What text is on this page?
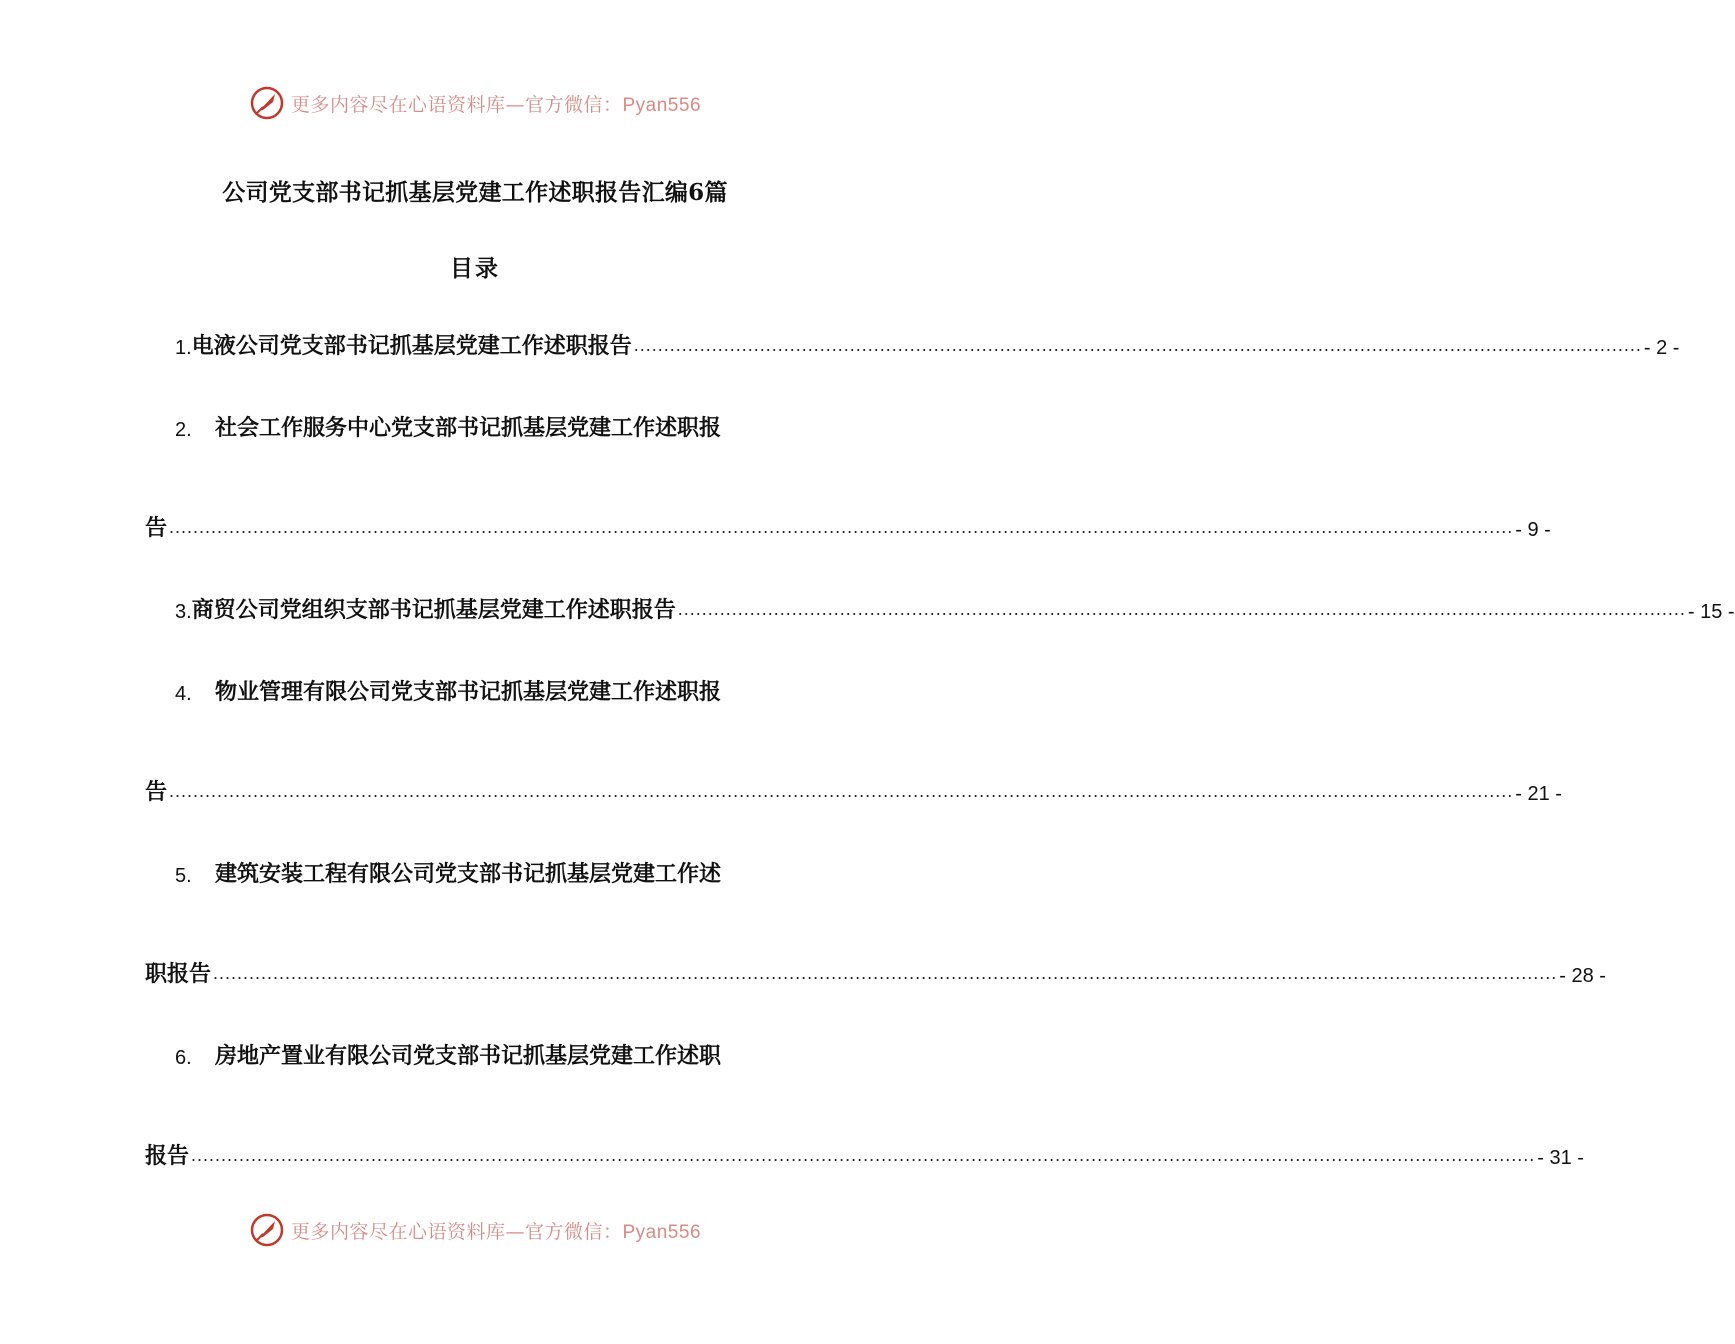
更多内容尽在心语资料库—官方微信：Pyan556
公司党支部书记抓基层党建工作述职报告汇编6篇
目录
1. 电液公司党支部书记抓基层党建工作述职报告 ........................................................................................................................................................................ - 2 -
2.	社会工作服务中心党支部书记抓基层党建工作述职报
告 ................................................................................................................................................................................................................................ - 9 -
3. 商贸公司党组织支部书记抓基层党建工作述职报告 ........................................................................................................................................................................ - 15 -
4.	物业管理有限公司党支部书记抓基层党建工作述职报
告 ................................................................................................................................................................................................................................ - 21 -
5.	建筑安装工程有限公司党支部书记抓基层党建工作述
职报告 ................................................................................................................................................................................................................................ - 28 -
6.	房地产置业有限公司党支部书记抓基层党建工作述职
报告 ................................................................................................................................................................................................................................ - 31 -
更多内容尽在心语资料库—官方微信：Pyan556
